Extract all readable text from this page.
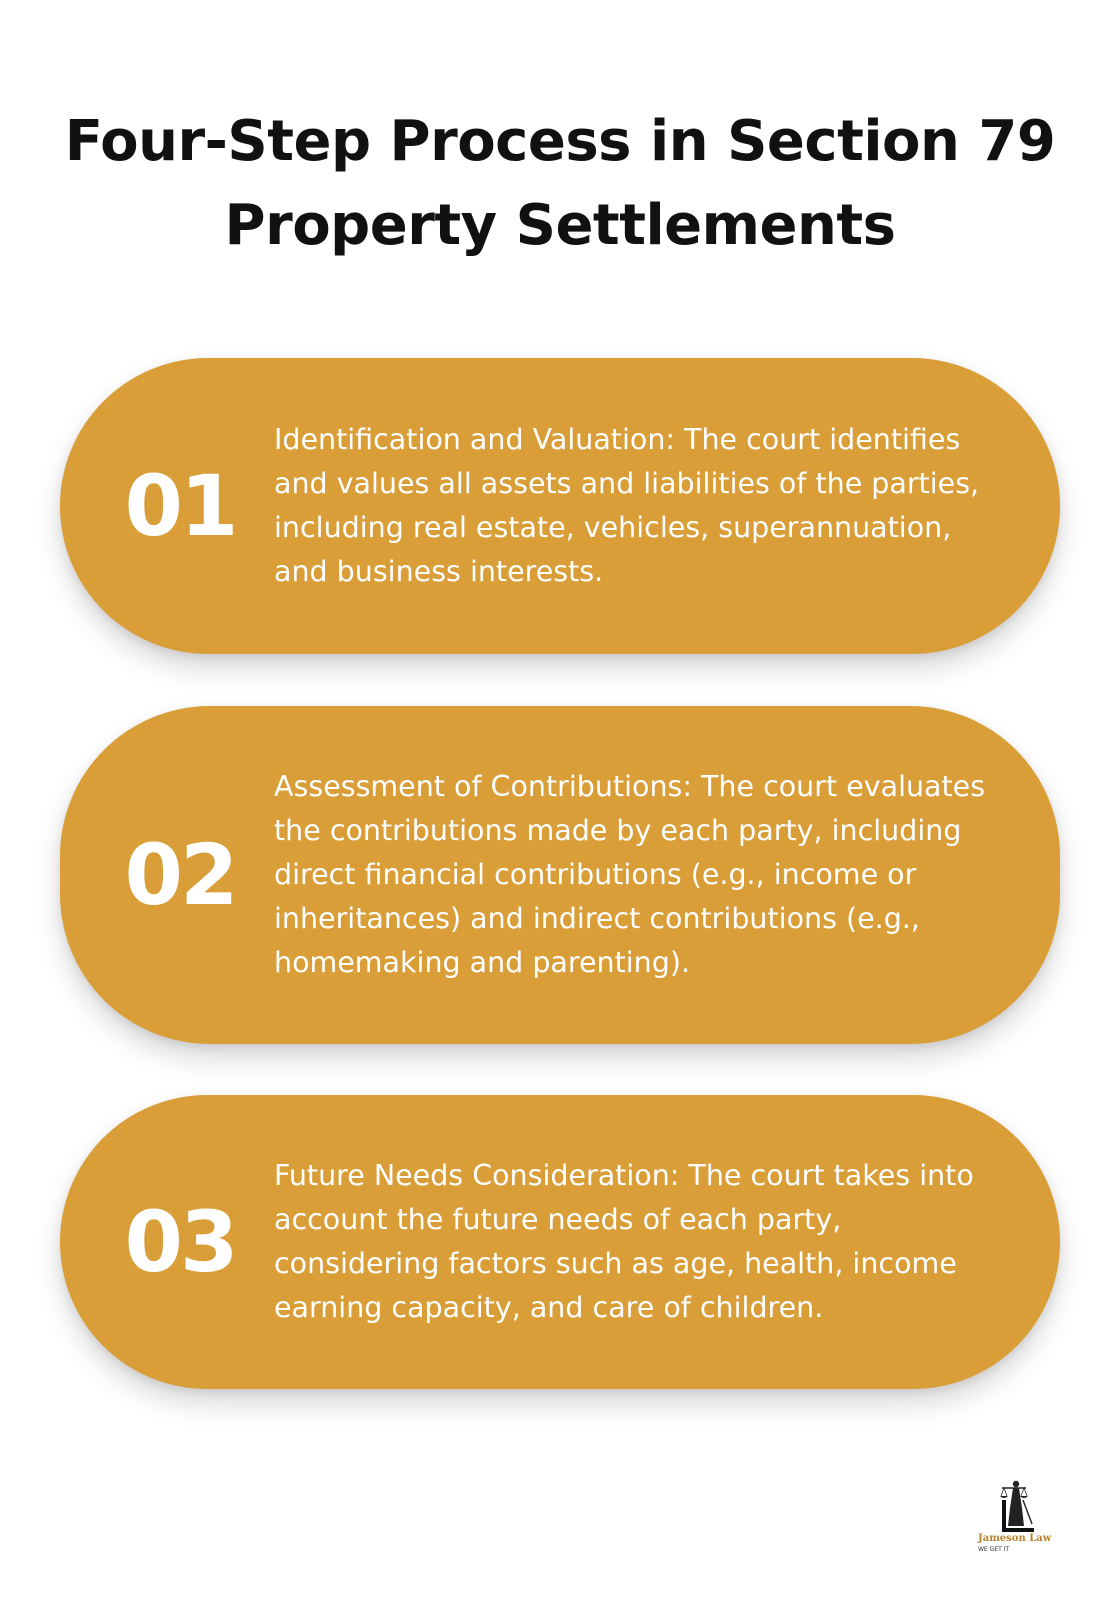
Four-Step Process in Section 79 Property Settlements
01
Identification and Valuation: The court identifies and values all assets and liabilities of the parties, including real estate, vehicles, superannuation, and business interests.
02
Assessment of Contributions: The court evaluates the contributions made by each party, including direct financial contributions (e.g., income or inheritances) and indirect contributions (e.g., homemaking and parenting).
03
Future Needs Consideration: The court takes into account the future needs of each party, considering factors such as age, health, income earning capacity, and care of children.
Jameson Law
WE GET IT
